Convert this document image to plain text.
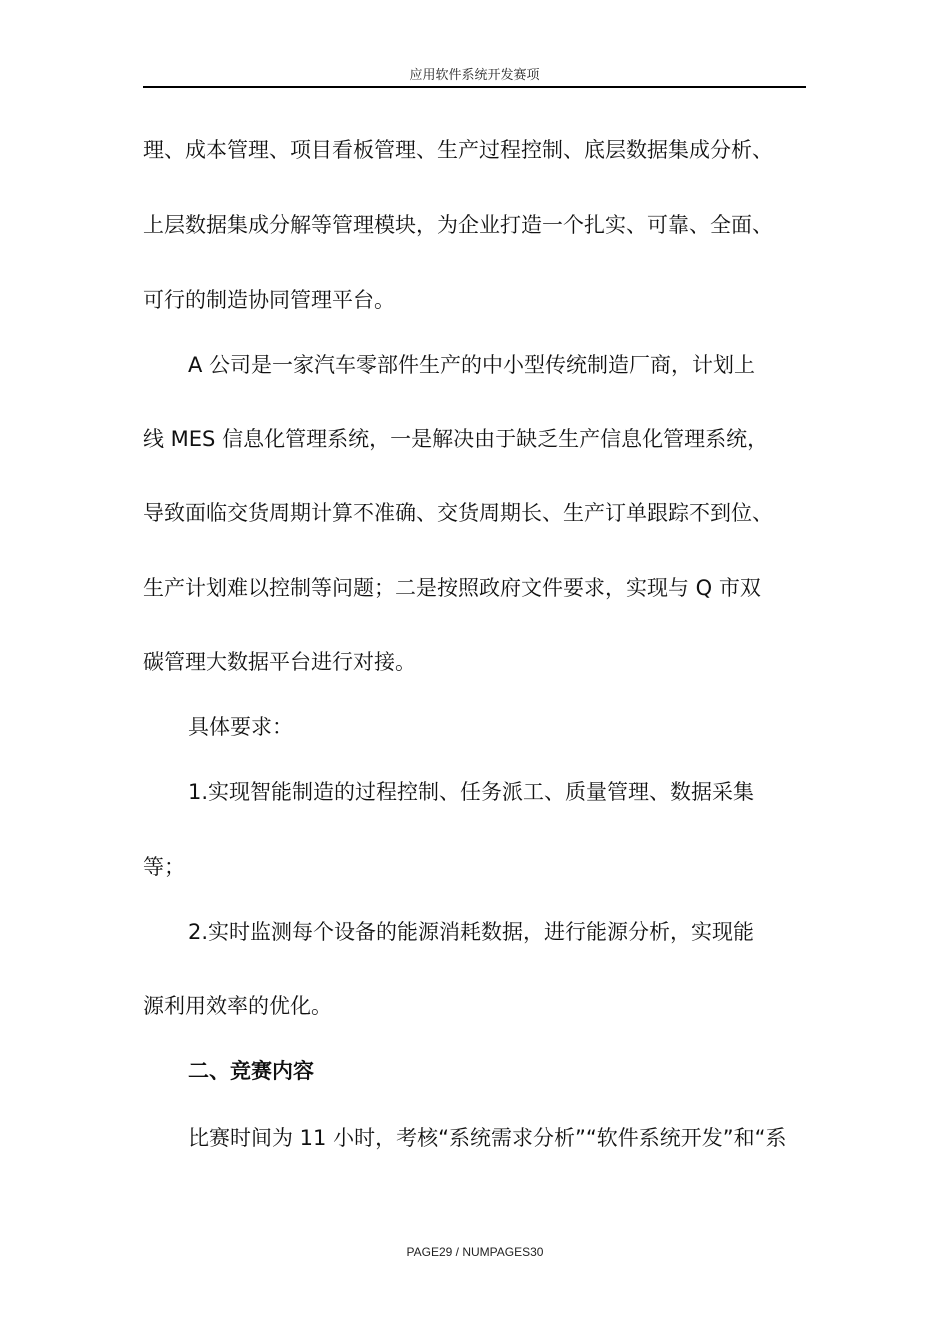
应用软件系统开发赛项
理、成本管理、项目看板管理、生产过程控制、底层数据集成分析、
上层数据集成分解等管理模块，为企业打造一个扎实、可靠、全面、
可行的制造协同管理平台。
A 公司是一家汽车零部件生产的中小型传统制造厂商，计划上
线 MES 信息化管理系统，一是解决由于缺乏生产信息化管理系统，
导致面临交货周期计算不准确、交货周期长、生产订单跟踪不到位、
生产计划难以控制等问题；二是按照政府文件要求，实现与 Q 市双
碳管理大数据平台进行对接。
具体要求：
1.实现智能制造的过程控制、任务派工、质量管理、数据采集
等；
2.实时监测每个设备的能源消耗数据，进行能源分析，实现能
源利用效率的优化。
二、竞赛内容
比赛时间为 11 小时，考核“系统需求分析”“软件系统开发”和“系
PAGE29 / NUMPAGES30
